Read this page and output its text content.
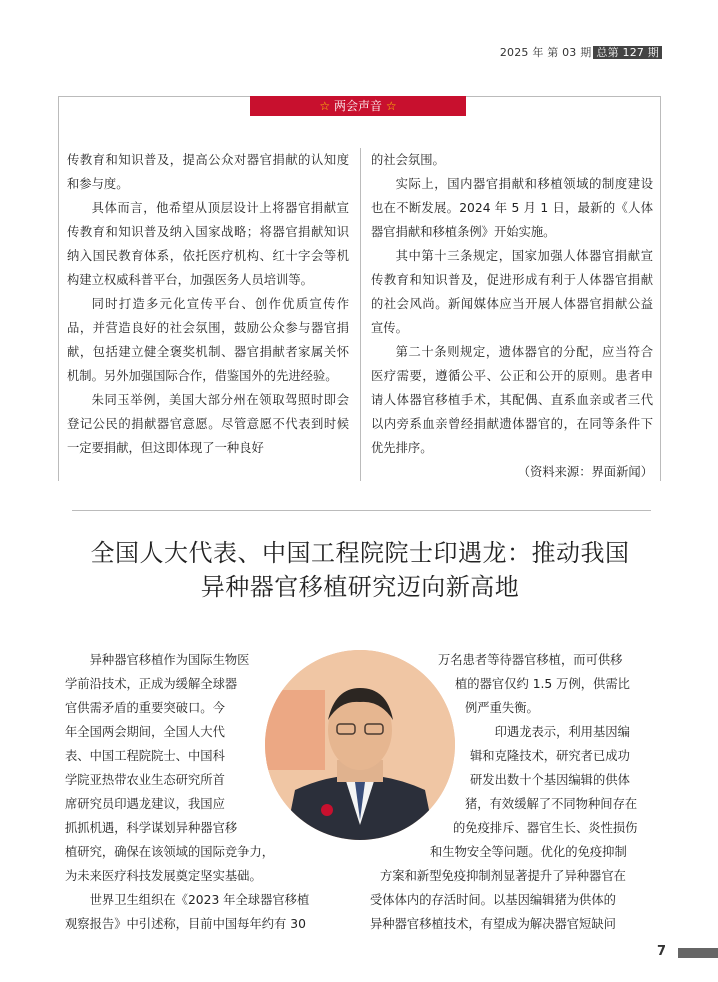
2025 年 第 03 期 总第 127 期
☆ 两会声音 ☆

传教育和知识普及，提高公众对器官捐献的认知度和参与度。

具体而言，他希望从顶层设计上将器官捐献宣传教育和知识普及纳入国家战略；将器官捐献知识纳入国民教育体系，依托医疗机构、红十字会等机构建立权威科普平台，加强医务人员培训等。

同时打造多元化宣传平台、创作优质宣传作品，并营造良好的社会氛围，鼓励公众参与器官捐献，包括建立健全褒奖机制、器官捐献者家属关怀机制。另外加强国际合作，借鉴国外的先进经验。

朱同玉举例，美国大部分州在领取驾照时即会登记公民的捐献器官意愿。尽管意愿不代表到时候一定要捐献，但这即体现了一种良好

的社会氛围。

实际上，国内器官捐献和移植领域的制度建设也在不断发展。2024 年 5 月 1 日，最新的《人体器官捐献和移植条例》开始实施。

其中第十三条规定，国家加强人体器官捐献宣传教育和知识普及，促进形成有利于人体器官捐献的社会风尚。新闻媒体应当开展人体器官捐献公益宣传。

第二十条则规定，遗体器官的分配，应当符合医疗需要，遵循公平、公正和公开的原则。患者申请人体器官移植手术，其配偶、直系血亲或者三代以内旁系血亲曾经捐献遗体器官的，在同等条件下优先排序。

（资料来源：界面新闻）

全国人大代表、中国工程院院士印遇龙：推动我国
异种器官移植研究迈向新高地
　　异种器官移植作为国际生物医
学前沿技术，正成为缓解全球器
官供需矛盾的重要突破口。今
年全国两会期间，全国人大代
表、中国工程院院士、中国科
学院亚热带农业生态研究所首
席研究员印遇龙建议，我国应
抓抓机遇，科学谋划异种器官移
植研究，确保在该领域的国际竞争力，
为未来医疗科技发展奠定坚实基础。
　　世界卫生组织在《2023 年全球器官移植
观察报告》中引述称，目前中国每年约有 30
万名患者等待器官移植，而可供移
植的器官仅约 1.5 万例，供需比
例严重失衡。
　　印遇龙表示，利用基因编
辑和克隆技术，研究者已成功
研发出数十个基因编辑的供体
猪，有效缓解了不同物种间存在
的免疫排斥、器官生长、炎性损伤
和生物安全等问题。优化的免疫抑制
方案和新型免疫抑制剂显著提升了异种器官在
受体体内的存活时间。以基因编辑猪为供体的
异种器官移植技术，有望成为解决器官短缺问
7
